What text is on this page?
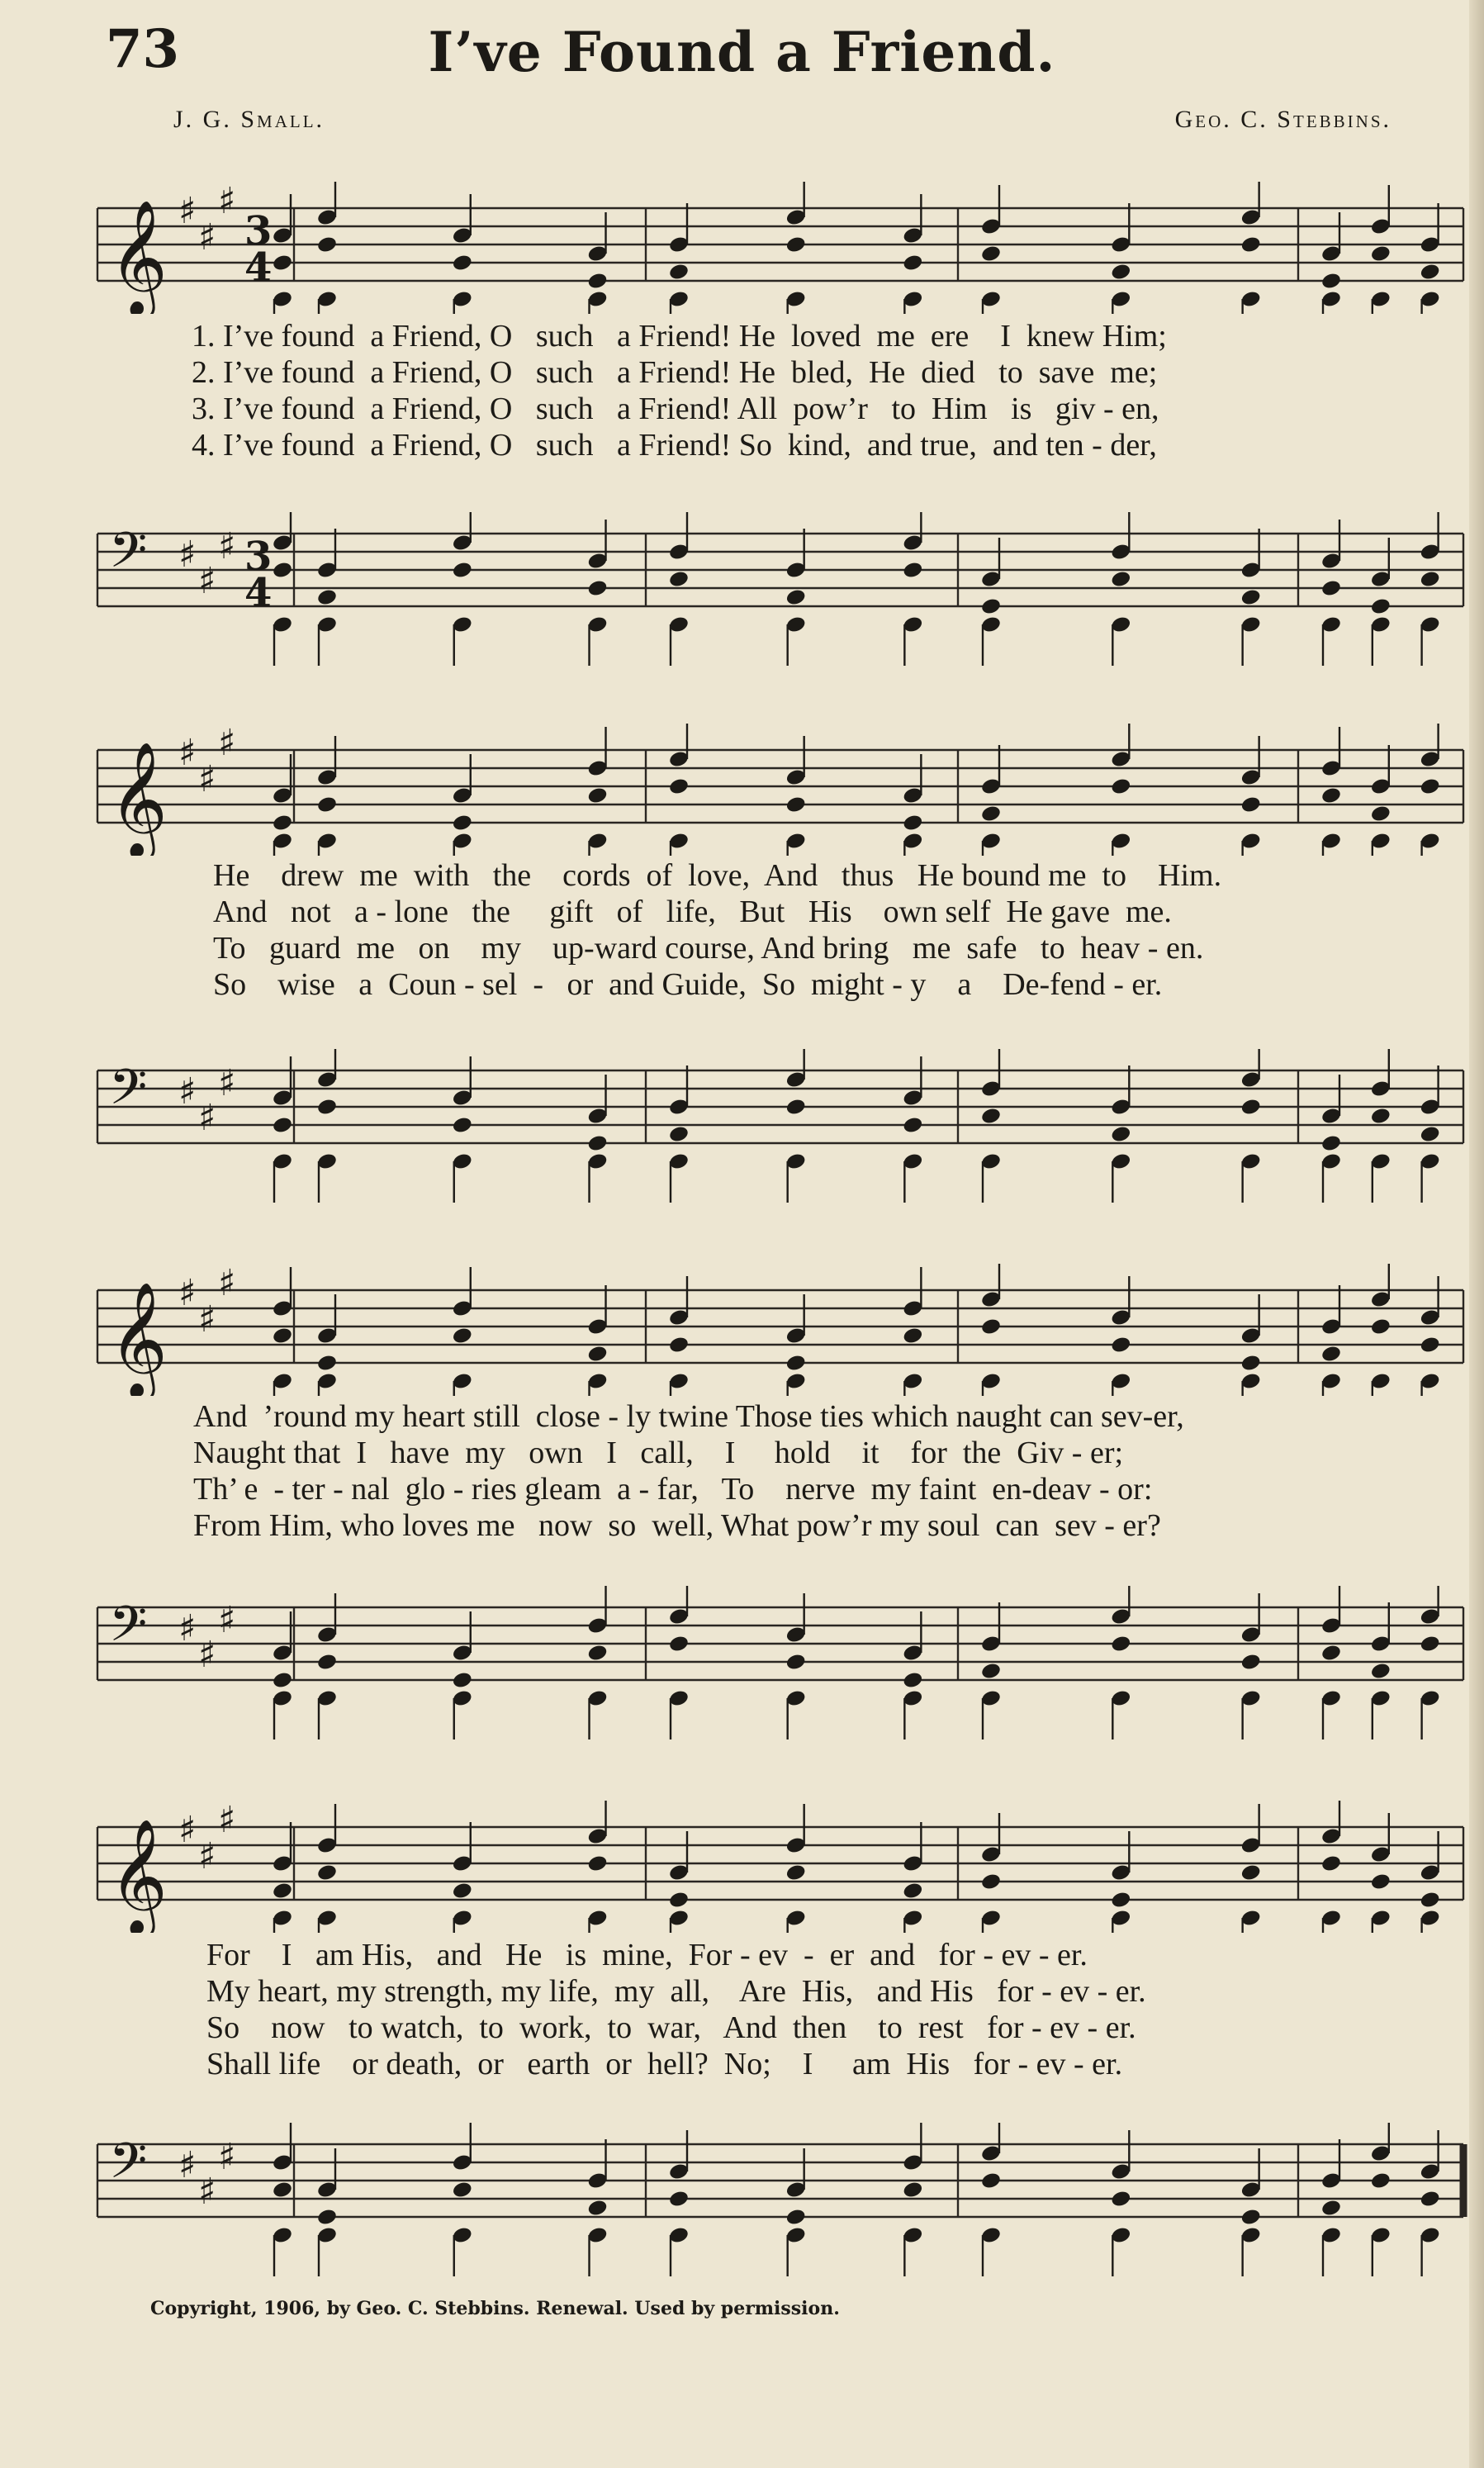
73	I’ve Found a Friend.
J. G. Small.	Geo. C. Stebbins.
𝄞 ♯
♯
♯
3
4
𝄞 ♯
♯
♯
𝄞 ♯
♯
♯
𝄞 ♯
♯
♯
𝄢 ♯
♯
♯ 3
4
𝄢 ♯
♯
♯
𝄢 ♯
♯
♯
𝄢 ♯
♯
♯
1. I’ve found  a Friend, O   such   a Friend! He  loved  me  ere    I  knew Him;
2. I’ve found  a Friend, O   such   a Friend! He  bled,  He  died   to  save  me;
3. I’ve found  a Friend, O   such   a Friend! All  pow’r   to  Him   is   giv - en,
4. I’ve found  a Friend, O   such   a Friend! So  kind,  and true,  and ten - der,
He    drew  me  with   the    cords  of  love,  And   thus   He bound me  to    Him.
And   not   a - lone   the     gift   of   life,   But   His    own self  He gave  me.
To   guard  me   on    my    up-ward course, And bring   me  safe   to  heav - en.
So    wise   a  Coun - sel  -   or  and Guide,  So  might - y    a    De-fend - er.
And  ’round my heart still  close - ly twine Those ties which naught can sev-er,
Naught that  I   have  my   own   I   call,    I     hold    it    for  the  Giv - er;
Th’ e  - ter - nal  glo - ries gleam  a - far,   To    nerve  my faint  en-deav - or:
From Him, who loves me   now  so  well, What pow’r my soul  can  sev - er?
For    I   am His,   and   He   is  mine,  For - ev  -  er  and   for - ev - er.
My heart, my strength, my life,  my  all,    Are  His,   and His   for - ev - er.
So    now   to watch,  to  work,  to  war,   And  then    to  rest   for - ev - er.
Shall life    or death,  or   earth  or  hell?  No;    I     am  His   for - ev - er.
Copyright, 1906, by Geo. C. Stebbins. Renewal. Used by permission.
